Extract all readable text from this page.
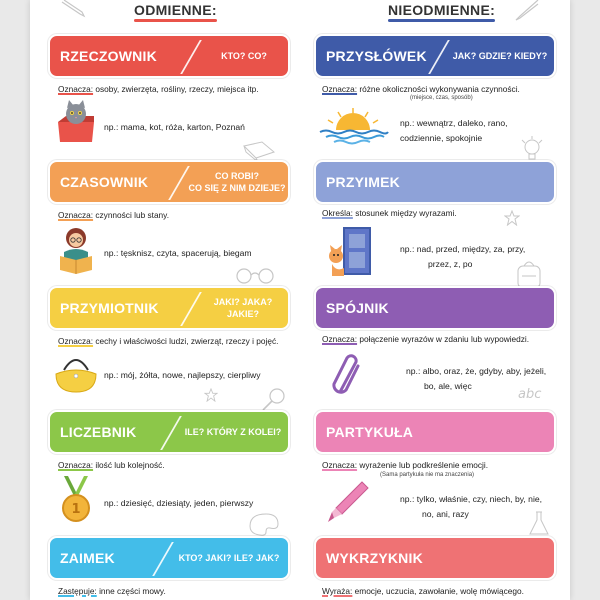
abc
ODMIENNE:	NIEODMIENNE:
RZECZOWNIK	KTO? CO?
Oznacza: osoby, zwierzęta, rośliny, rzeczy, miejsca itp.
np.: mama, kot, róża, karton, Poznań
CZASOWNIK	CO ROBI?
CO SIĘ Z NIM DZIEJE?
Oznacza: czynności lub stany.
np.: tęsknisz, czyta, spacerują, biegam
PRZYMIOTNIK	JAKI? JAKA? JAKIE?
Oznacza: cechy i właściwości ludzi, zwierząt, rzeczy i pojęć.
np.: mój, żółta, nowe, najlepszy, cierpliwy
LICZEBNIK	ILE? KTÓRY Z KOLEI?
Oznacza: ilość lub kolejność.
1	np.: dziesięć, dziesiąty, jeden, pierwszy
ZAIMEK	KTO? JAKI? ILE? JAK?
Zastępuje: inne części mowy.
PRZYSŁÓWEK	JAK? GDZIE? KIEDY?
Oznacza: różne okoliczności wykonywania czynności.
(miejsce, czas, sposób)
np.: wewnątrz, daleko, rano,
codziennie, spokojnie
PRZYIMEK
Określa: stosunek między wyrazami.
np.: nad, przed, między, za, przy,
przez, z, po
SPÓJNIK
Oznacza: połączenie wyrazów w zdaniu lub wypowiedzi.
np.: albo, oraz, że, gdyby, aby, jeżeli,
bo, ale, więc
PARTYKUŁA
Oznacza: wyrażenie lub podkreślenie emocji.
(Sama partykuła nie ma znaczenia)
np.: tylko, właśnie, czy, niech, by, nie,
no, ani, razy
WYKRZYKNIK
Wyraża: emocje, uczucia, zawołanie, wolę mówiącego.
